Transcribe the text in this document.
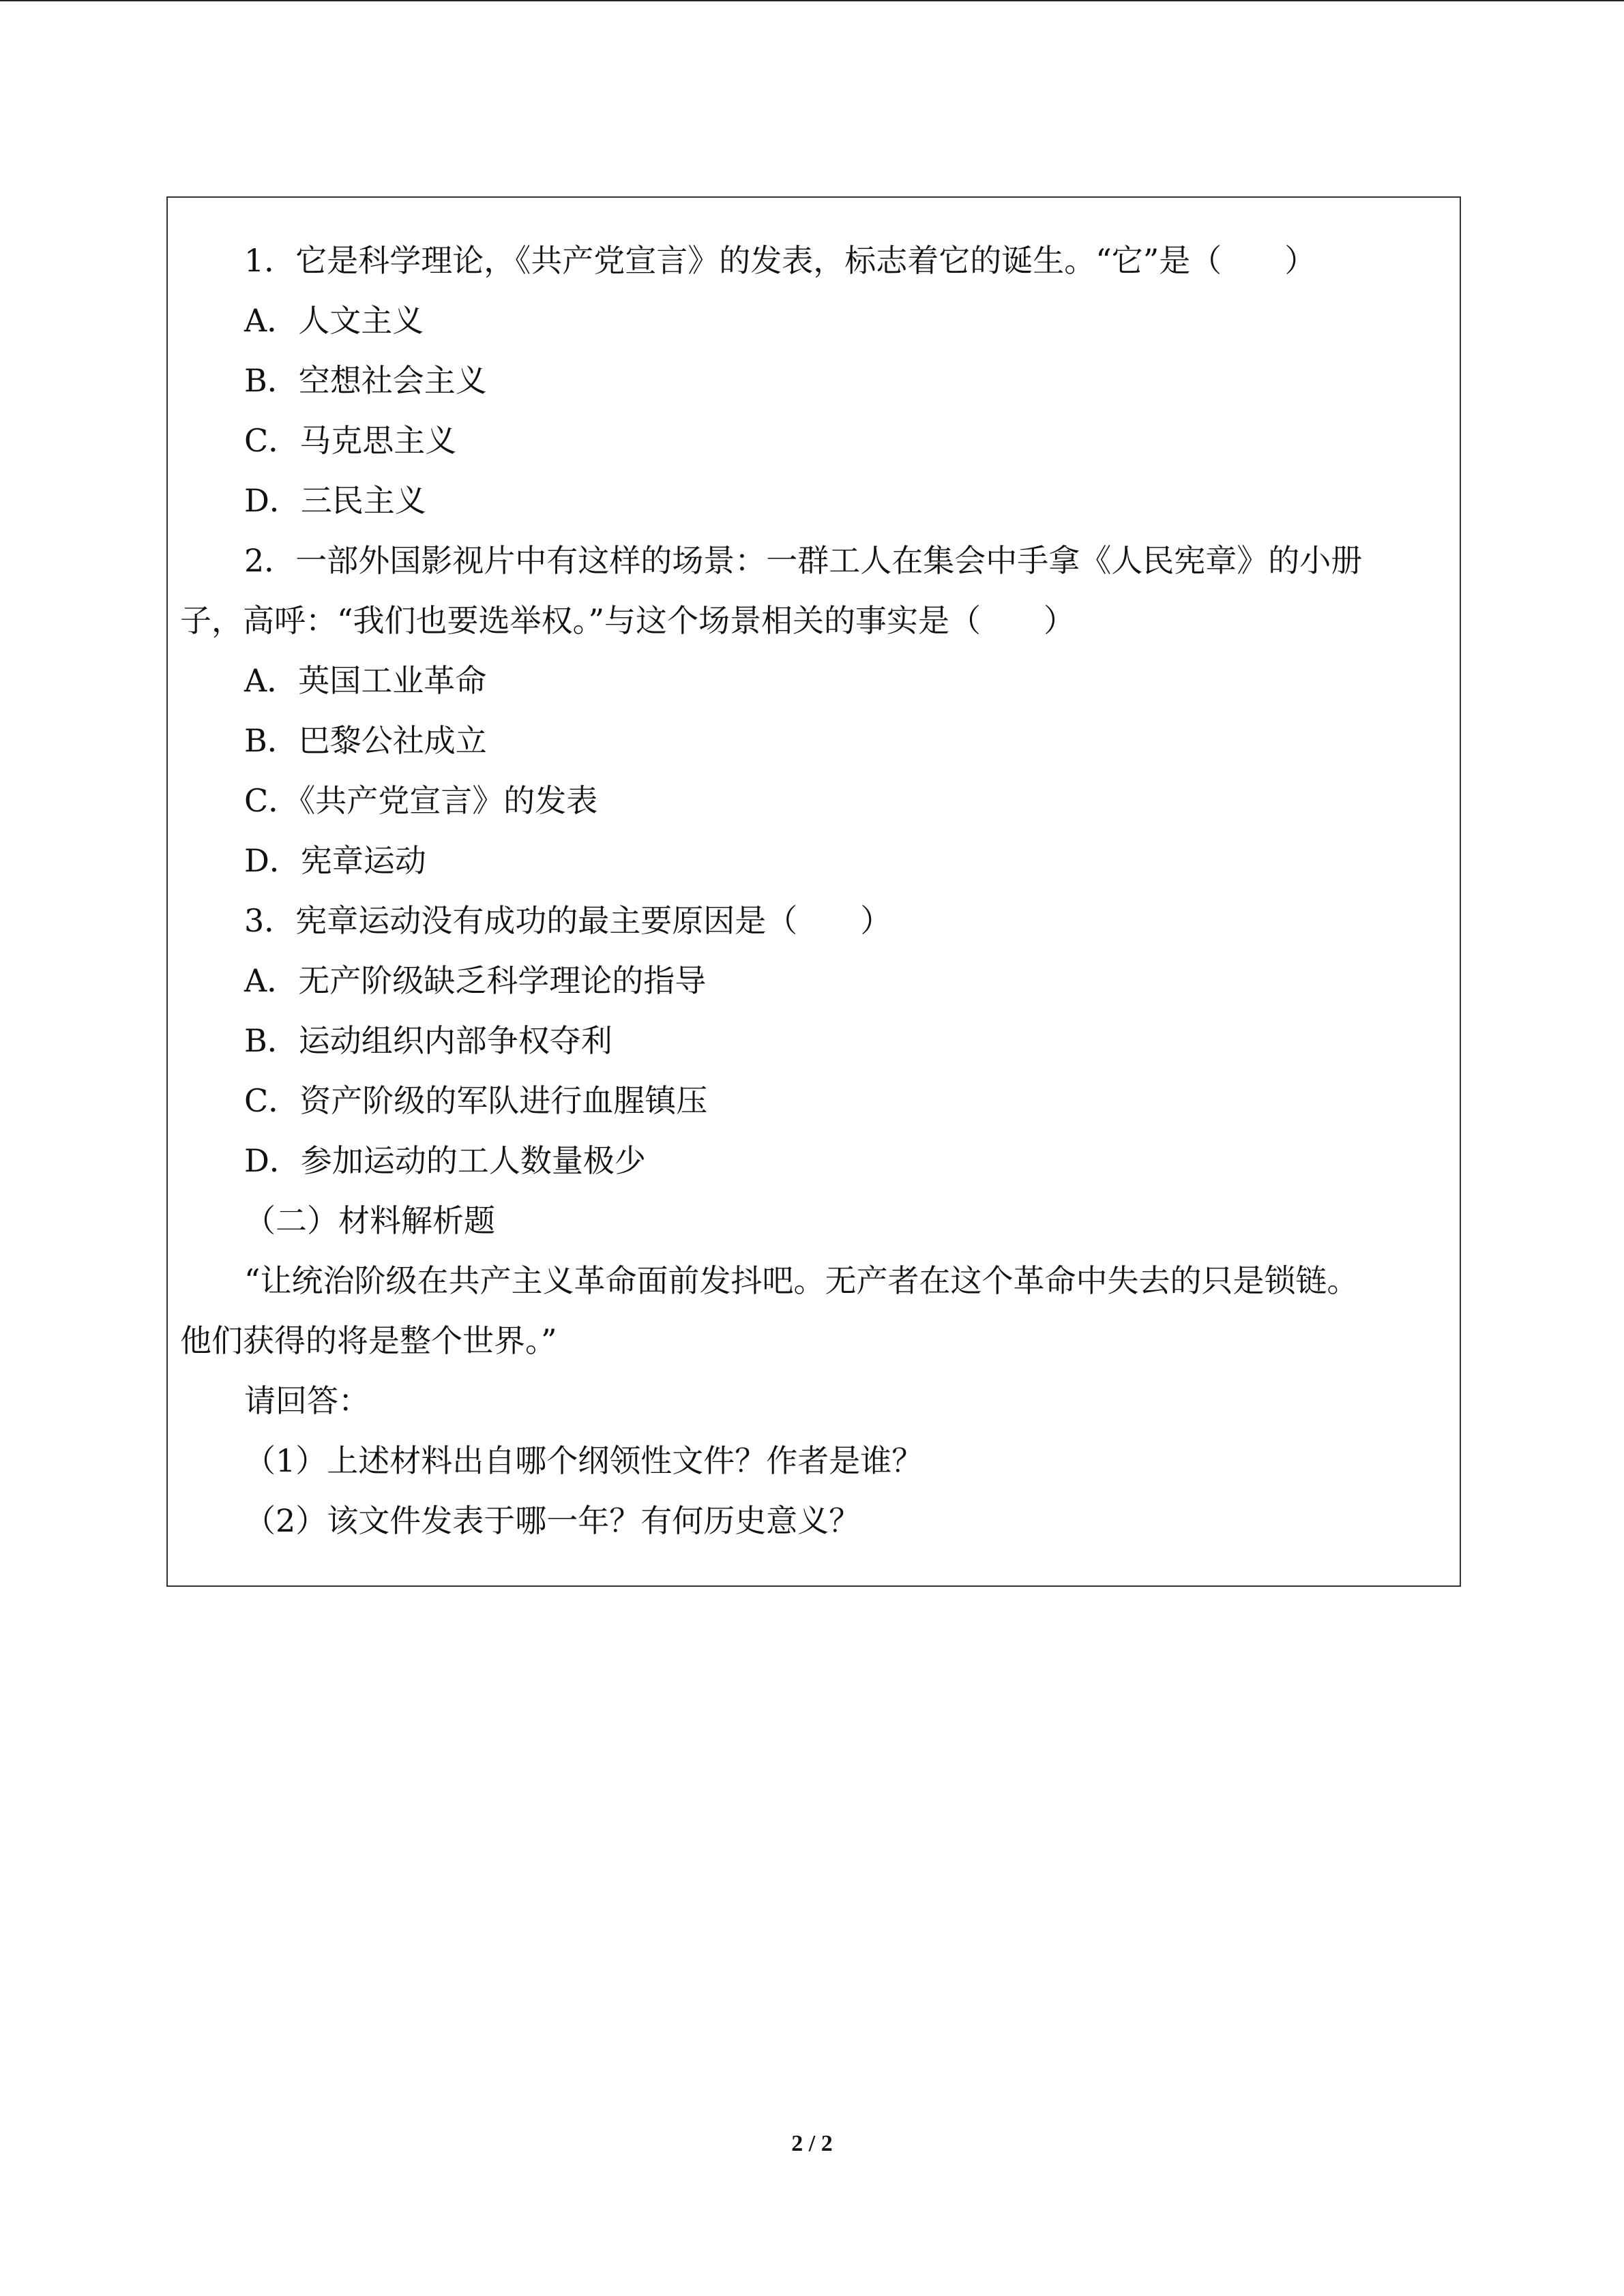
1．它是科学理论，《共产党宣言》的发表，标志着它的诞生。“它”是（　　）
A．人文主义
B．空想社会主义
C．马克思主义
D．三民主义
2．一部外国影视片中有这样的场景：一群工人在集会中手拿《人民宪章》的小册
子，高呼：“我们也要选举权。”与这个场景相关的事实是（　　）
A．英国工业革命
B．巴黎公社成立
C．《共产党宣言》的发表
D．宪章运动
3．宪章运动没有成功的最主要原因是（　　）
A．无产阶级缺乏科学理论的指导
B．运动组织内部争权夺利
C．资产阶级的军队进行血腥镇压
D．参加运动的工人数量极少
（二）材料解析题
“让统治阶级在共产主义革命面前发抖吧。无产者在这个革命中失去的只是锁链。
他们获得的将是整个世界。”
请回答：
（1）上述材料出自哪个纲领性文件？作者是谁？
（2）该文件发表于哪一年？有何历史意义？
2 / 2
